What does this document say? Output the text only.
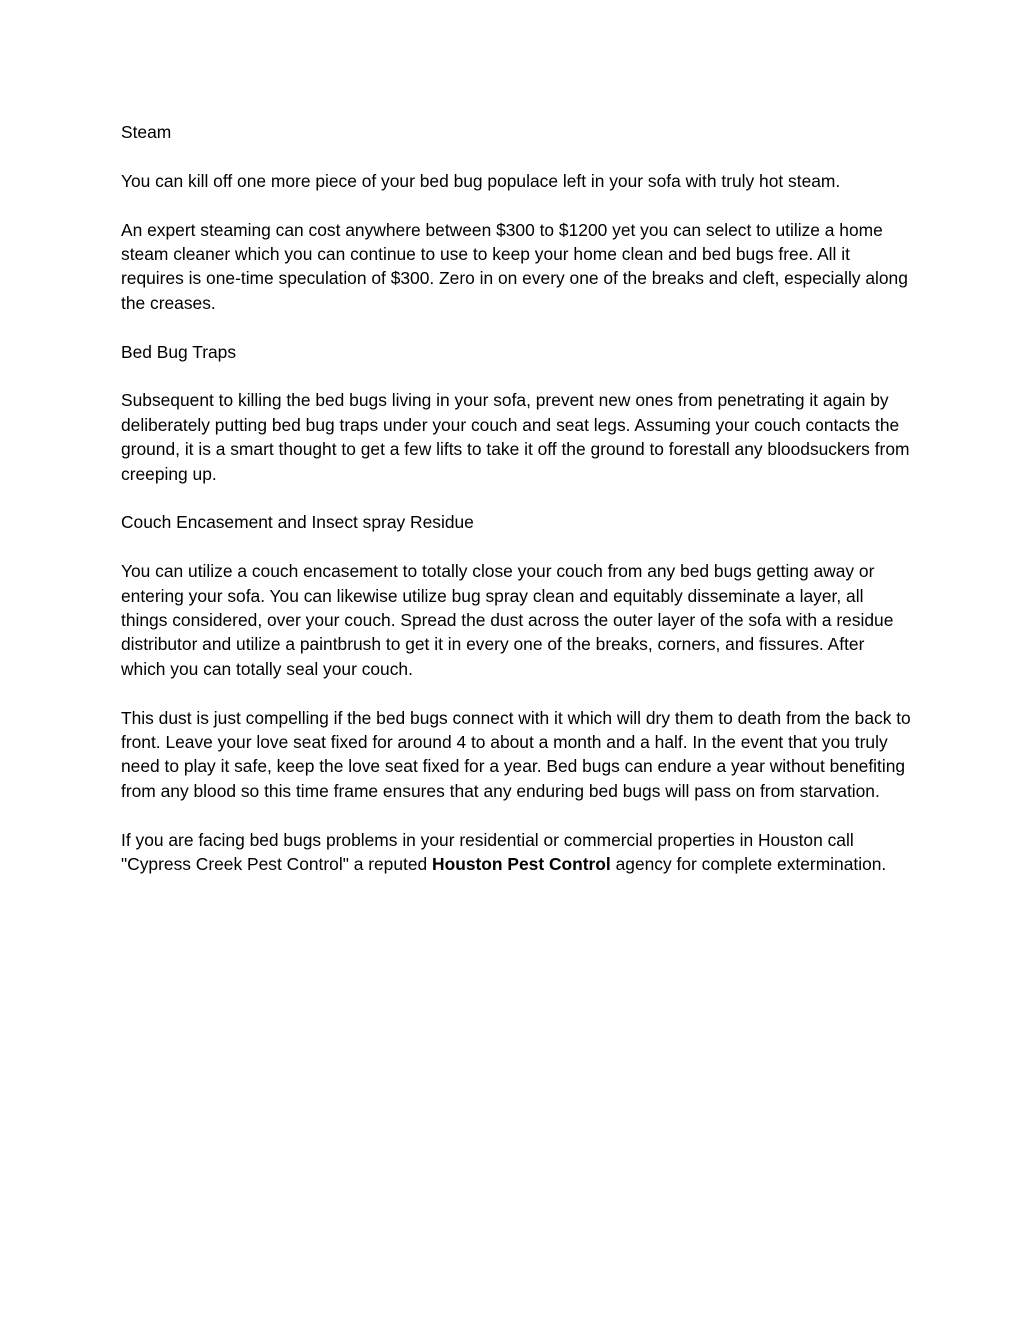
Steam

You can kill off one more piece of your bed bug populace left in your sofa with truly hot steam.

An expert steaming can cost anywhere between $300 to $1200 yet you can select to utilize a home steam cleaner which you can continue to use to keep your home clean and bed bugs free. All it requires is one-time speculation of $300. Zero in on every one of the breaks and cleft, especially along the creases.

Bed Bug Traps

Subsequent to killing the bed bugs living in your sofa, prevent new ones from penetrating it again by deliberately putting bed bug traps under your couch and seat legs. Assuming your couch contacts the ground, it is a smart thought to get a few lifts to take it off the ground to forestall any bloodsuckers from creeping up.

Couch Encasement and Insect spray Residue

You can utilize a couch encasement to totally close your couch from any bed bugs getting away or entering your sofa. You can likewise utilize bug spray clean and equitably disseminate a layer, all things considered, over your couch. Spread the dust across the outer layer of the sofa with a residue distributor and utilize a paintbrush to get it in every one of the breaks, corners, and fissures. After which you can totally seal your couch.

This dust is just compelling if the bed bugs connect with it which will dry them to death from the back to front. Leave your love seat fixed for around 4 to about a month and a half. In the event that you truly need to play it safe, keep the love seat fixed for a year. Bed bugs can endure a year without benefiting from any blood so this time frame ensures that any enduring bed bugs will pass on from starvation.

If you are facing bed bugs problems in your residential or commercial properties in Houston call "Cypress Creek Pest Control" a reputed Houston Pest Control agency for complete extermination.
